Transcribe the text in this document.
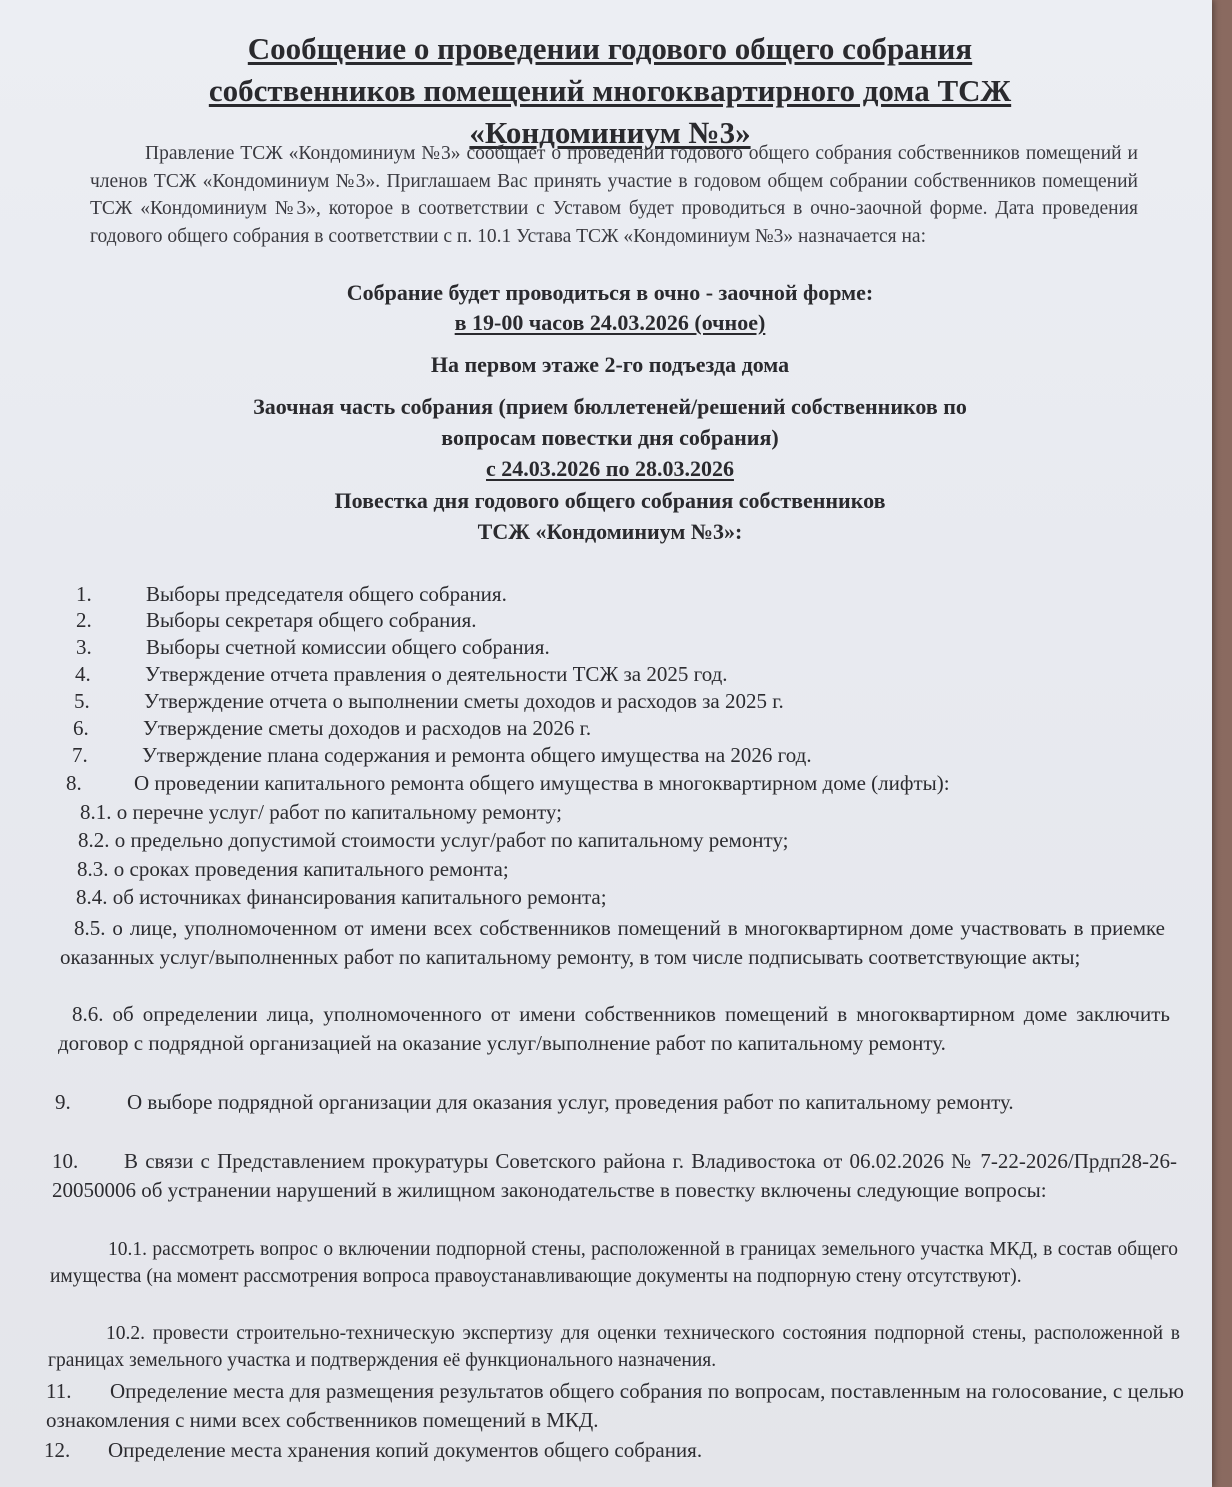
Сообщение о проведении годового общего собрания
собственников помещений многоквартирного дома ТСЖ
«Кондоминиум №3»
Правление ТСЖ «Кондоминиум №3» сообщает о проведении годового общего собрания собственников помещений и членов ТСЖ «Кондоминиум №3». Приглашаем Вас принять участие в годовом общем собрании собственников помещений ТСЖ «Кондоминиум №3», которое в соответствии с Уставом будет проводиться в очно-заочной форме. Дата проведения годового общего собрания в соответствии с п. 10.1 Устава ТСЖ «Кондоминиум №3» назначается на:
Собрание будет проводиться в очно - заочной форме:
в 19-00 часов 24.03.2026 (очное)
На первом этаже 2-го подъезда дома
Заочная часть собрания (прием бюллетеней/решений собственников по
вопросам повестки дня собрания)
с 24.03.2026 по 28.03.2026
Повестка дня годового общего собрания собственников
ТСЖ «Кондоминиум №3»:
1.	Выборы председателя общего собрания.
2.	Выборы секретаря общего собрания.
3.	Выборы счетной комиссии общего собрания.
4.	Утверждение отчета правления о деятельности ТСЖ за 2025 год.
5.	Утверждение отчета о выполнении сметы доходов и расходов за 2025 г.
6.	Утверждение сметы доходов и расходов на 2026 г.
7.	Утверждение плана содержания и ремонта общего имущества на 2026 год.
8. О проведении капитального ремонта общего имущества в многоквартирном доме (лифты):
8.1. о перечне услуг/ работ по капитальному ремонту;
8.2. о предельно допустимой стоимости услуг/работ по капитальному ремонту;
8.3. о сроках проведения капитального ремонта;
8.4. об источниках финансирования капитального ремонта;
8.5. о лице, уполномоченном от имени всех собственников помещений в многоквартирном доме участвовать в приемке оказанных услуг/выполненных работ по капитальному ремонту, в том числе подписывать соответствующие акты;
8.6. об определении лица, уполномоченного от имени собственников помещений в многоквартирном доме заключить договор с подрядной организацией на оказание услуг/выполнение работ по капитальному ремонту.
9.	О выборе подрядной организации для оказания услуг, проведения работ по капитальному ремонту.
10. В связи с Представлением прокуратуры Советского района г. Владивостока от 06.02.2026 № 7-22-2026/Прдп28-26-20050006 об устранении нарушений в жилищном законодательстве в повестку включены следующие вопросы:
10.1. рассмотреть вопрос о включении подпорной стены, расположенной в границах земельного участка МКД, в состав общего имущества (на момент рассмотрения вопроса правоустанавливающие документы на подпорную стену отсутствуют).
10.2. провести строительно-техническую экспертизу для оценки технического состояния подпорной стены, расположенной в границах земельного участка и подтверждения её функционального назначения.
11. Определение места для размещения результатов общего собрания по вопросам, поставленным на голосование, с целью ознакомления с ними всех собственников помещений в МКД.
12. Определение места хранения копий документов общего собрания.
